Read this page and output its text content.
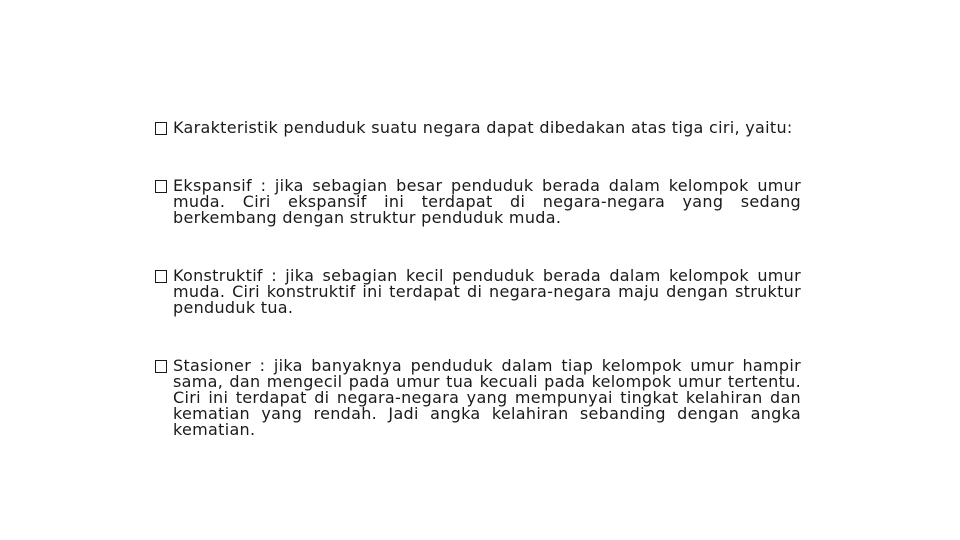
Karakteristik penduduk suatu negara dapat dibedakan atas tiga ciri, yaitu:

Ekspansif : jika sebagian besar penduduk berada dalam kelompok umur muda. Ciri ekspansif ini terdapat di negara-negara yang sedang berkembang dengan struktur penduduk muda.

Konstruktif : jika sebagian kecil penduduk berada dalam kelompok umur muda. Ciri konstruktif ini terdapat di negara-negara maju dengan struktur penduduk tua.

Stasioner : jika banyaknya penduduk dalam tiap kelompok umur hampir sama, dan mengecil pada umur tua kecuali pada kelompok umur tertentu. Ciri ini terdapat di negara-negara yang mempunyai tingkat kelahiran dan kematian yang rendah. Jadi angka kelahiran sebanding dengan angka kematian.
